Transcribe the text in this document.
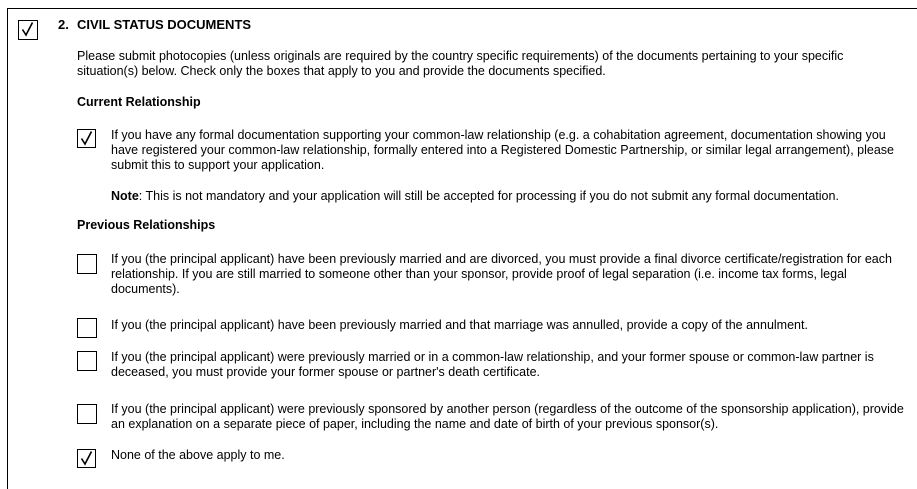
2. CIVIL STATUS DOCUMENTS
Please submit photocopies (unless originals are required by the country specific requirements) of the documents pertaining to your specific situation(s) below. Check only the boxes that apply to you and provide the documents specified.
Current Relationship
If you have any formal documentation supporting your common-law relationship (e.g. a cohabitation agreement, documentation showing you have registered your common-law relationship, formally entered into a Registered Domestic Partnership, or similar legal arrangement), please submit this to support your application.
Note: This is not mandatory and your application will still be accepted for processing if you do not submit any formal documentation.
Previous Relationships
If you (the principal applicant) have been previously married and are divorced, you must provide a final divorce certificate/registration for each relationship. If you are still married to someone other than your sponsor, provide proof of legal separation (i.e. income tax forms, legal documents).
If you (the principal applicant) have been previously married and that marriage was annulled, provide a copy of the annulment.
If you (the principal applicant) were previously married or in a common-law relationship, and your former spouse or common-law partner is deceased, you must provide your former spouse or partner's death certificate.
If you (the principal applicant) were previously sponsored by another person (regardless of the outcome of the sponsorship application), provide an explanation on a separate piece of paper, including the name and date of birth of your previous sponsor(s).
None of the above apply to me.
